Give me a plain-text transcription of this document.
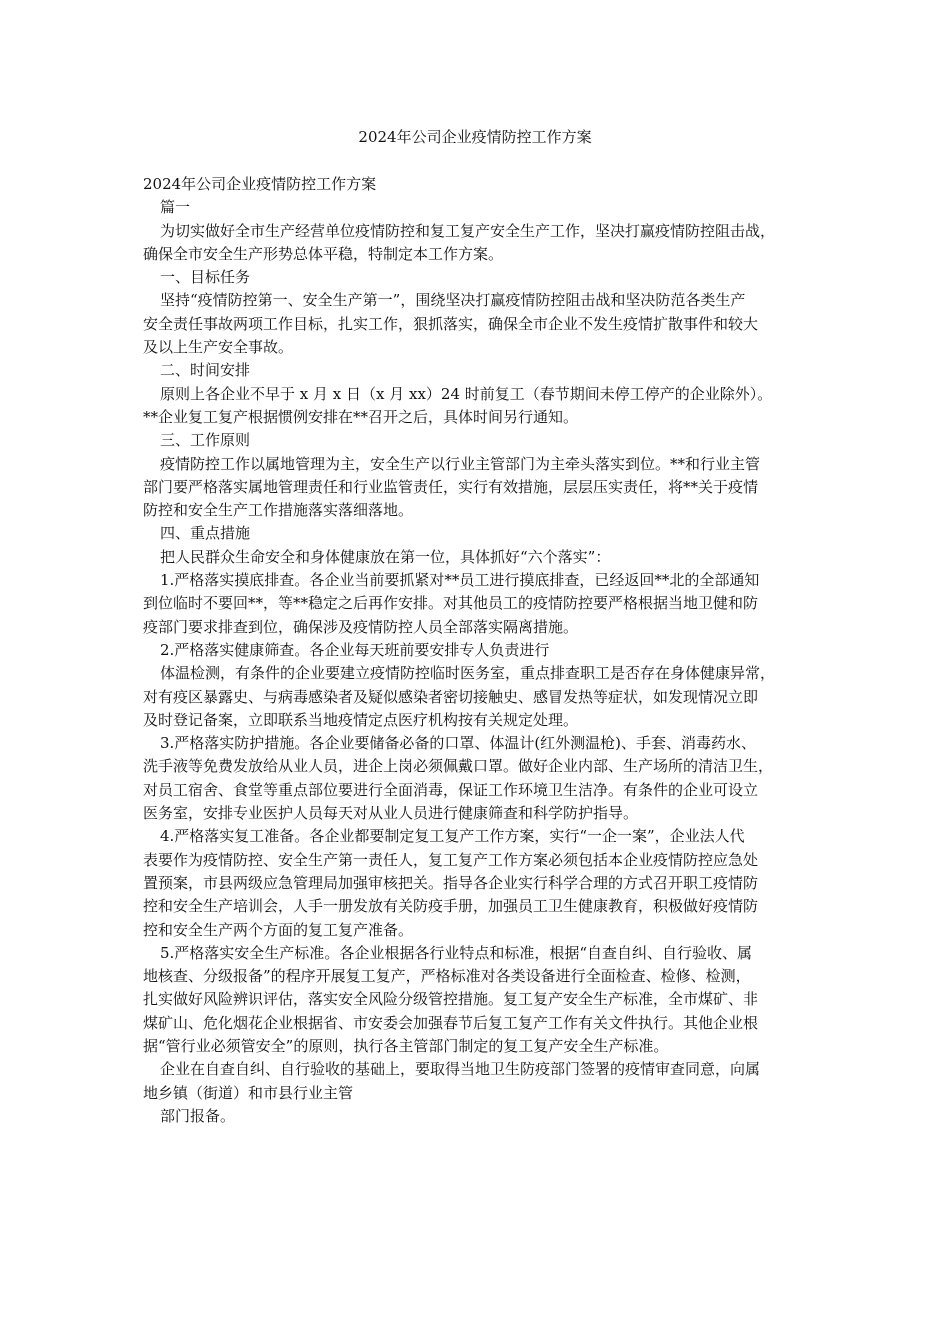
2024年公司企业疫情防控工作方案

2024年公司企业疫情防控工作方案

篇一

为切实做好全市生产经营单位疫情防控和复工复产安全生产工作，坚决打赢疫情防控阻击战，

确保全市安全生产形势总体平稳，特制定本工作方案。

一、目标任务

坚持“疫情防控第一、安全生产第一”，围绕坚决打赢疫情防控阻击战和坚决防范各类生产

安全责任事故两项工作目标，扎实工作，狠抓落实，确保全市企业不发生疫情扩散事件和较大

及以上生产安全事故。

二、时间安排

原则上各企业不早于 x 月 x 日（x 月 xx）24 时前复工（春节期间未停工停产的企业除外）。

**企业复工复产根据惯例安排在**召开之后，具体时间另行通知。

三、工作原则

疫情防控工作以属地管理为主，安全生产以行业主管部门为主牵头落实到位。**和行业主管

部门要严格落实属地管理责任和行业监管责任，实行有效措施，层层压实责任，将**关于疫情

防控和安全生产工作措施落实落细落地。

四、重点措施

把人民群众生命安全和身体健康放在第一位，具体抓好“六个落实”：

1.严格落实摸底排查。各企业当前要抓紧对**员工进行摸底排查，已经返回**北的全部通知

到位临时不要回**，等**稳定之后再作安排。对其他员工的疫情防控要严格根据当地卫健和防

疫部门要求排查到位，确保涉及疫情防控人员全部落实隔离措施。

2.严格落实健康筛查。各企业每天班前要安排专人负责进行

体温检测，有条件的企业要建立疫情防控临时医务室，重点排查职工是否存在身体健康异常，

对有疫区暴露史、与病毒感染者及疑似感染者密切接触史、感冒发热等症状，如发现情况立即

及时登记备案，立即联系当地疫情定点医疗机构按有关规定处理。

3.严格落实防护措施。各企业要储备必备的口罩、体温计(红外测温枪)、手套、消毒药水、

洗手液等免费发放给从业人员，进企上岗必须佩戴口罩。做好企业内部、生产场所的清洁卫生，

对员工宿舍、食堂等重点部位要进行全面消毒，保证工作环境卫生洁净。有条件的企业可设立

医务室，安排专业医护人员每天对从业人员进行健康筛查和科学防护指导。

4.严格落实复工准备。各企业都要制定复工复产工作方案，实行“一企一案”，企业法人代

表要作为疫情防控、安全生产第一责任人，复工复产工作方案必须包括本企业疫情防控应急处

置预案，市县两级应急管理局加强审核把关。指导各企业实行科学合理的方式召开职工疫情防

控和安全生产培训会，人手一册发放有关防疫手册，加强员工卫生健康教育，积极做好疫情防

控和安全生产两个方面的复工复产准备。

5.严格落实安全生产标准。各企业根据各行业特点和标准，根据“自查自纠、自行验收、属

地核查、分级报备”的程序开展复工复产，严格标准对各类设备进行全面检查、检修、检测，

扎实做好风险辨识评估，落实安全风险分级管控措施。复工复产安全生产标准，全市煤矿、非

煤矿山、危化烟花企业根据省、市安委会加强春节后复工复产工作有关文件执行。其他企业根

据“管行业必须管安全”的原则，执行各主管部门制定的复工复产安全生产标准。

企业在自查自纠、自行验收的基础上，要取得当地卫生防疫部门签署的疫情审查同意，向属

地乡镇（街道）和市县行业主管

部门报备。
